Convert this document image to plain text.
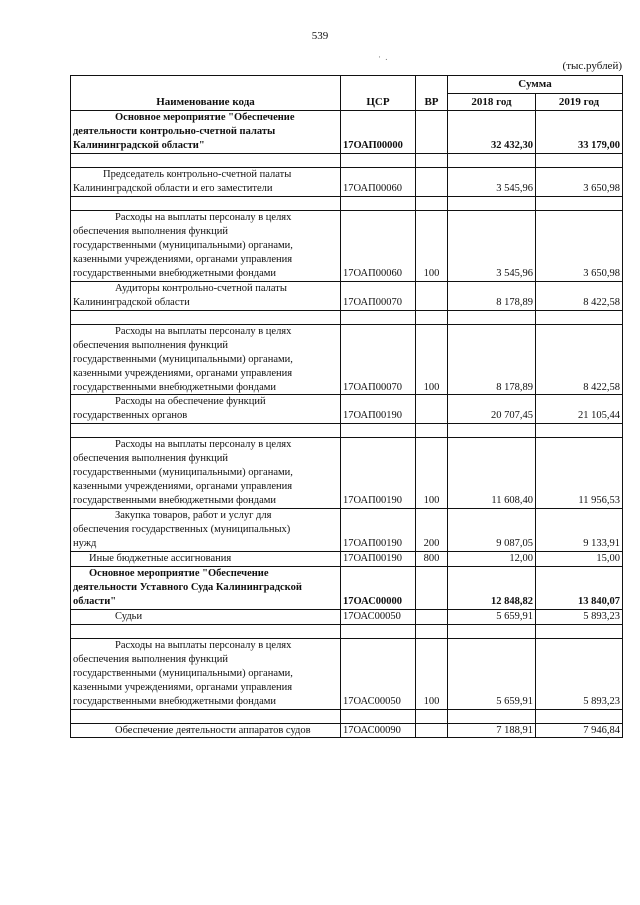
539
· .
(тыс.рублей)
Наименование кода	ЦСР	ВР	Сумма	
			2018 год	2019 год

Основное мероприятие "Обеспечение
деятельности контрольно-счетной палаты
Калининградской области"	17ОАП00000		32 432,30	33 179,00

Председатель контрольно-счетной палаты
Калининградской области и его заместители	17ОАП00060		3 545,96	3 650,98

Расходы на выплаты персоналу в целях
обеспечения выполнения функций
государственными (муниципальными) органами,
казенными учреждениями, органами управления
государственными внебюджетными фондами	17ОАП00060	100	3 545,96	3 650,98

Аудиторы контрольно-счетной палаты
Калининградской области	17ОАП00070		8 178,89	8 422,58

Расходы на выплаты персоналу в целях
обеспечения выполнения функций
государственными (муниципальными) органами,
казенными учреждениями, органами управления
государственными внебюджетными фондами	17ОАП00070	100	8 178,89	8 422,58

Расходы на обеспечение функций
государственных органов	17ОАП00190		20 707,45	21 105,44

Расходы на выплаты персоналу в целях
обеспечения выполнения функций
государственными (муниципальными) органами,
казенными учреждениями, органами управления
государственными внебюджетными фондами	17ОАП00190	100	11 608,40	11 956,53

Закупка товаров, работ и услуг для
обеспечения государственных (муниципальных)
нужд	17ОАП00190	200	9 087,05	9 133,91

Иные бюджетные ассигнования	17ОАП00190	800	12,00	15,00

Основное мероприятие "Обеспечение
деятельности Уставного Суда Калининградской
области"	17ОАС00000		12 848,82	13 840,07

Судьи	17ОАС00050		5 659,91	5 893,23

Расходы на выплаты персоналу в целях
обеспечения выполнения функций
государственными (муниципальными) органами,
казенными учреждениями, органами управления
государственными внебюджетными фондами	17ОАС00050	100	5 659,91	5 893,23

Обеспечение деятельности аппаратов судов	17ОАС00090		7 188,91	7 946,84
